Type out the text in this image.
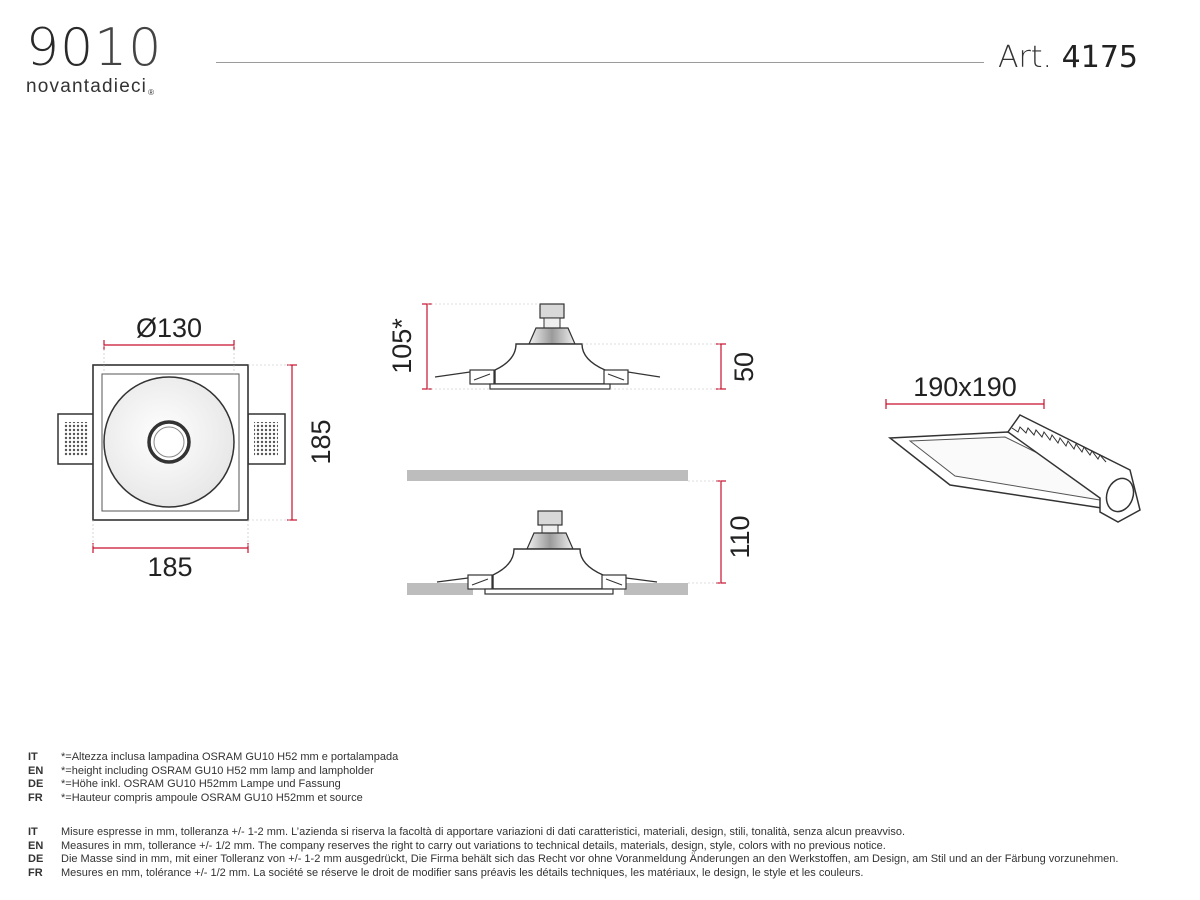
9010
novantadieci®
Art. 4175
Ø130
185
185
105*	50
110
190x190
IT	*=Altezza inclusa lampadina OSRAM GU10 H52 mm e portalampada
EN	*=height including OSRAM GU10 H52 mm lamp and lampholder
DE	*=Höhe inkl. OSRAM GU10 H52mm Lampe und Fassung
FR	*=Hauteur compris ampoule OSRAM GU10 H52mm et source
IT	Misure espresse in mm, tolleranza +/- 1-2 mm. L’azienda si riserva la facoltà di apportare variazioni di dati caratteristici, materiali, design, stili, tonalità, senza alcun preavviso.
EN	Measures in mm, tollerance +/- 1/2 mm. The company reserves the right to carry out variations to technical details, materials, design, style, colors with no previous notice.
DE	Die Masse sind in mm, mit einer Tolleranz von +/- 1-2 mm ausgedrückt, Die Firma behält sich das Recht vor ohne Voranmeldung Änderungen an den Werkstoffen, am Design, am Stil und an der Färbung vorzunehmen.
FR	Mesures en mm, tolérance +/- 1/2 mm. La société se réserve le droit de modifier sans préavis les détails techniques, les matériaux, le design, le style et les couleurs.
